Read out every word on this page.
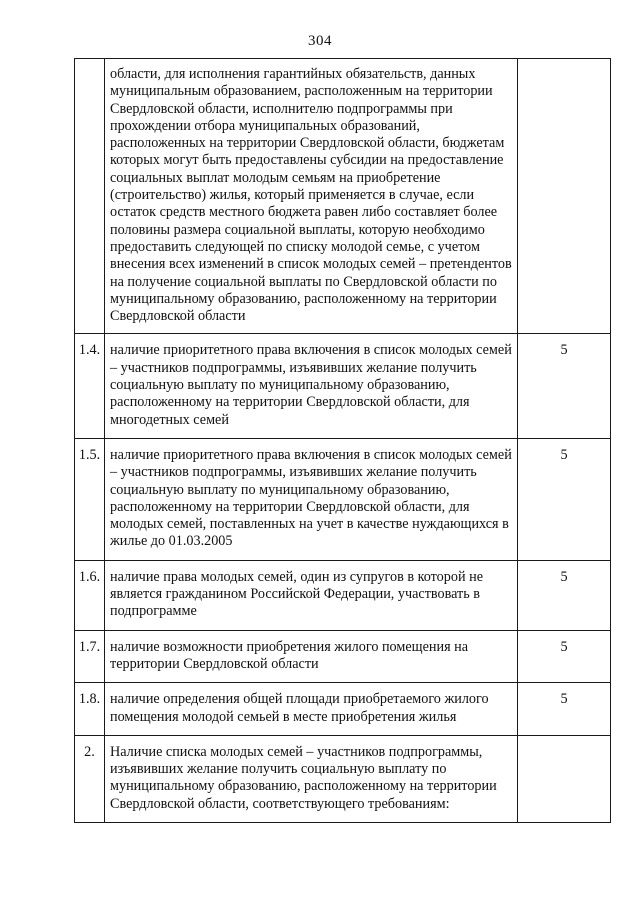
304
	области, для исполнения гарантийных обязательств, данных муниципальным образованием, расположенным на территории Свердловской области, исполнителю подпрограммы при прохождении отбора муниципальных образований, расположенных на территории Свердловской области, бюджетам которых могут быть предоставлены субсидии на предоставление социальных выплат молодым семьям на приобретение (строительство) жилья, который применяется в случае, если остаток средств местного бюджета равен либо составляет более половины размера социальной выплаты, которую необходимо предоставить следующей по списку молодой семье, с учетом внесения всех изменений в список молодых семей – претендентов на получение социальной выплаты по Свердловской области по муниципальному образованию, расположенному на территории Свердловской области	
1.4.	наличие приоритетного права включения в список молодых семей – участников подпрограммы, изъявивших желание получить социальную выплату по муниципальному образованию, расположенному на территории Свердловской области, для многодетных семей	5
1.5.	наличие приоритетного права включения в список молодых семей – участников подпрограммы, изъявивших желание получить социальную выплату по муниципальному образованию, расположенному на территории Свердловской области, для молодых семей, поставленных на учет в качестве нуждающихся в жилье до 01.03.2005	5
1.6.	наличие права молодых семей, один из супругов в которой не является гражданином Российской Федерации, участвовать в подпрограмме	5
1.7.	наличие возможности приобретения жилого помещения на территории Свердловской области	5
1.8.	наличие определения общей площади приобретаемого жилого помещения молодой семьей в месте приобретения жилья	5
2.	Наличие списка молодых семей – участников подпрограммы, изъявивших желание получить социальную выплату по муниципальному образованию, расположенному на территории Свердловской области, соответствующего требованиям:	
